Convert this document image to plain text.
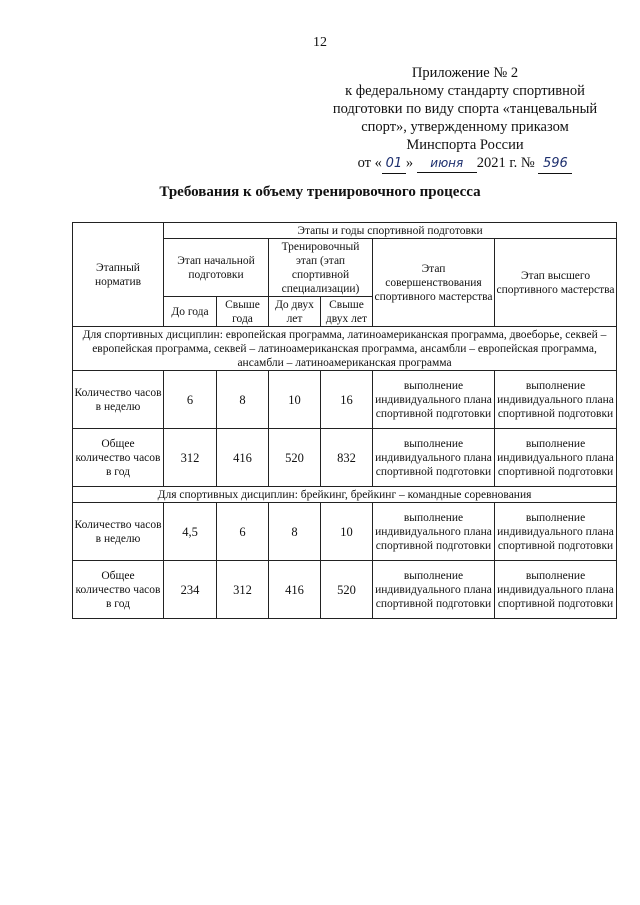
12
Приложение № 2
к федеральному стандарту спортивной
подготовки по виду спорта «танцевальный
спорт», утвержденному приказом
Минспорта России
от « 01 » июня 2021 г. № 596
Требования к объему тренировочного процесса
Этапный норматив	Этапы и годы спортивной подготовки					
	Этап начальной подготовки		Тренировочный этап (этап спортивной специализации)		Этап совершенствования спортивного мастерства	Этап высшего спортивного мастерства
	До года	Свыше года	До двух лет	Свыше двух лет		
Для спортивных дисциплин: европейская программа, латиноамериканская программа, двоеборье, секвей – европейская программа, секвей – латиноамериканская программа, ансамбли – европейская программа, ансамбли – латиноамериканская программа						
Количество часов в неделю	6	8	10	16	выполнение индивидуального плана спортивной подготовки	выполнение индивидуального плана спортивной подготовки
Общее количество часов в год	312	416	520	832	выполнение индивидуального плана спортивной подготовки	выполнение индивидуального плана спортивной подготовки
Для спортивных дисциплин: брейкинг, брейкинг – командные соревнования						
Количество часов в неделю	4,5	6	8	10	выполнение индивидуального плана спортивной подготовки	выполнение индивидуального плана спортивной подготовки
Общее количество часов в год	234	312	416	520	выполнение индивидуального плана спортивной подготовки	выполнение индивидуального плана спортивной подготовки
